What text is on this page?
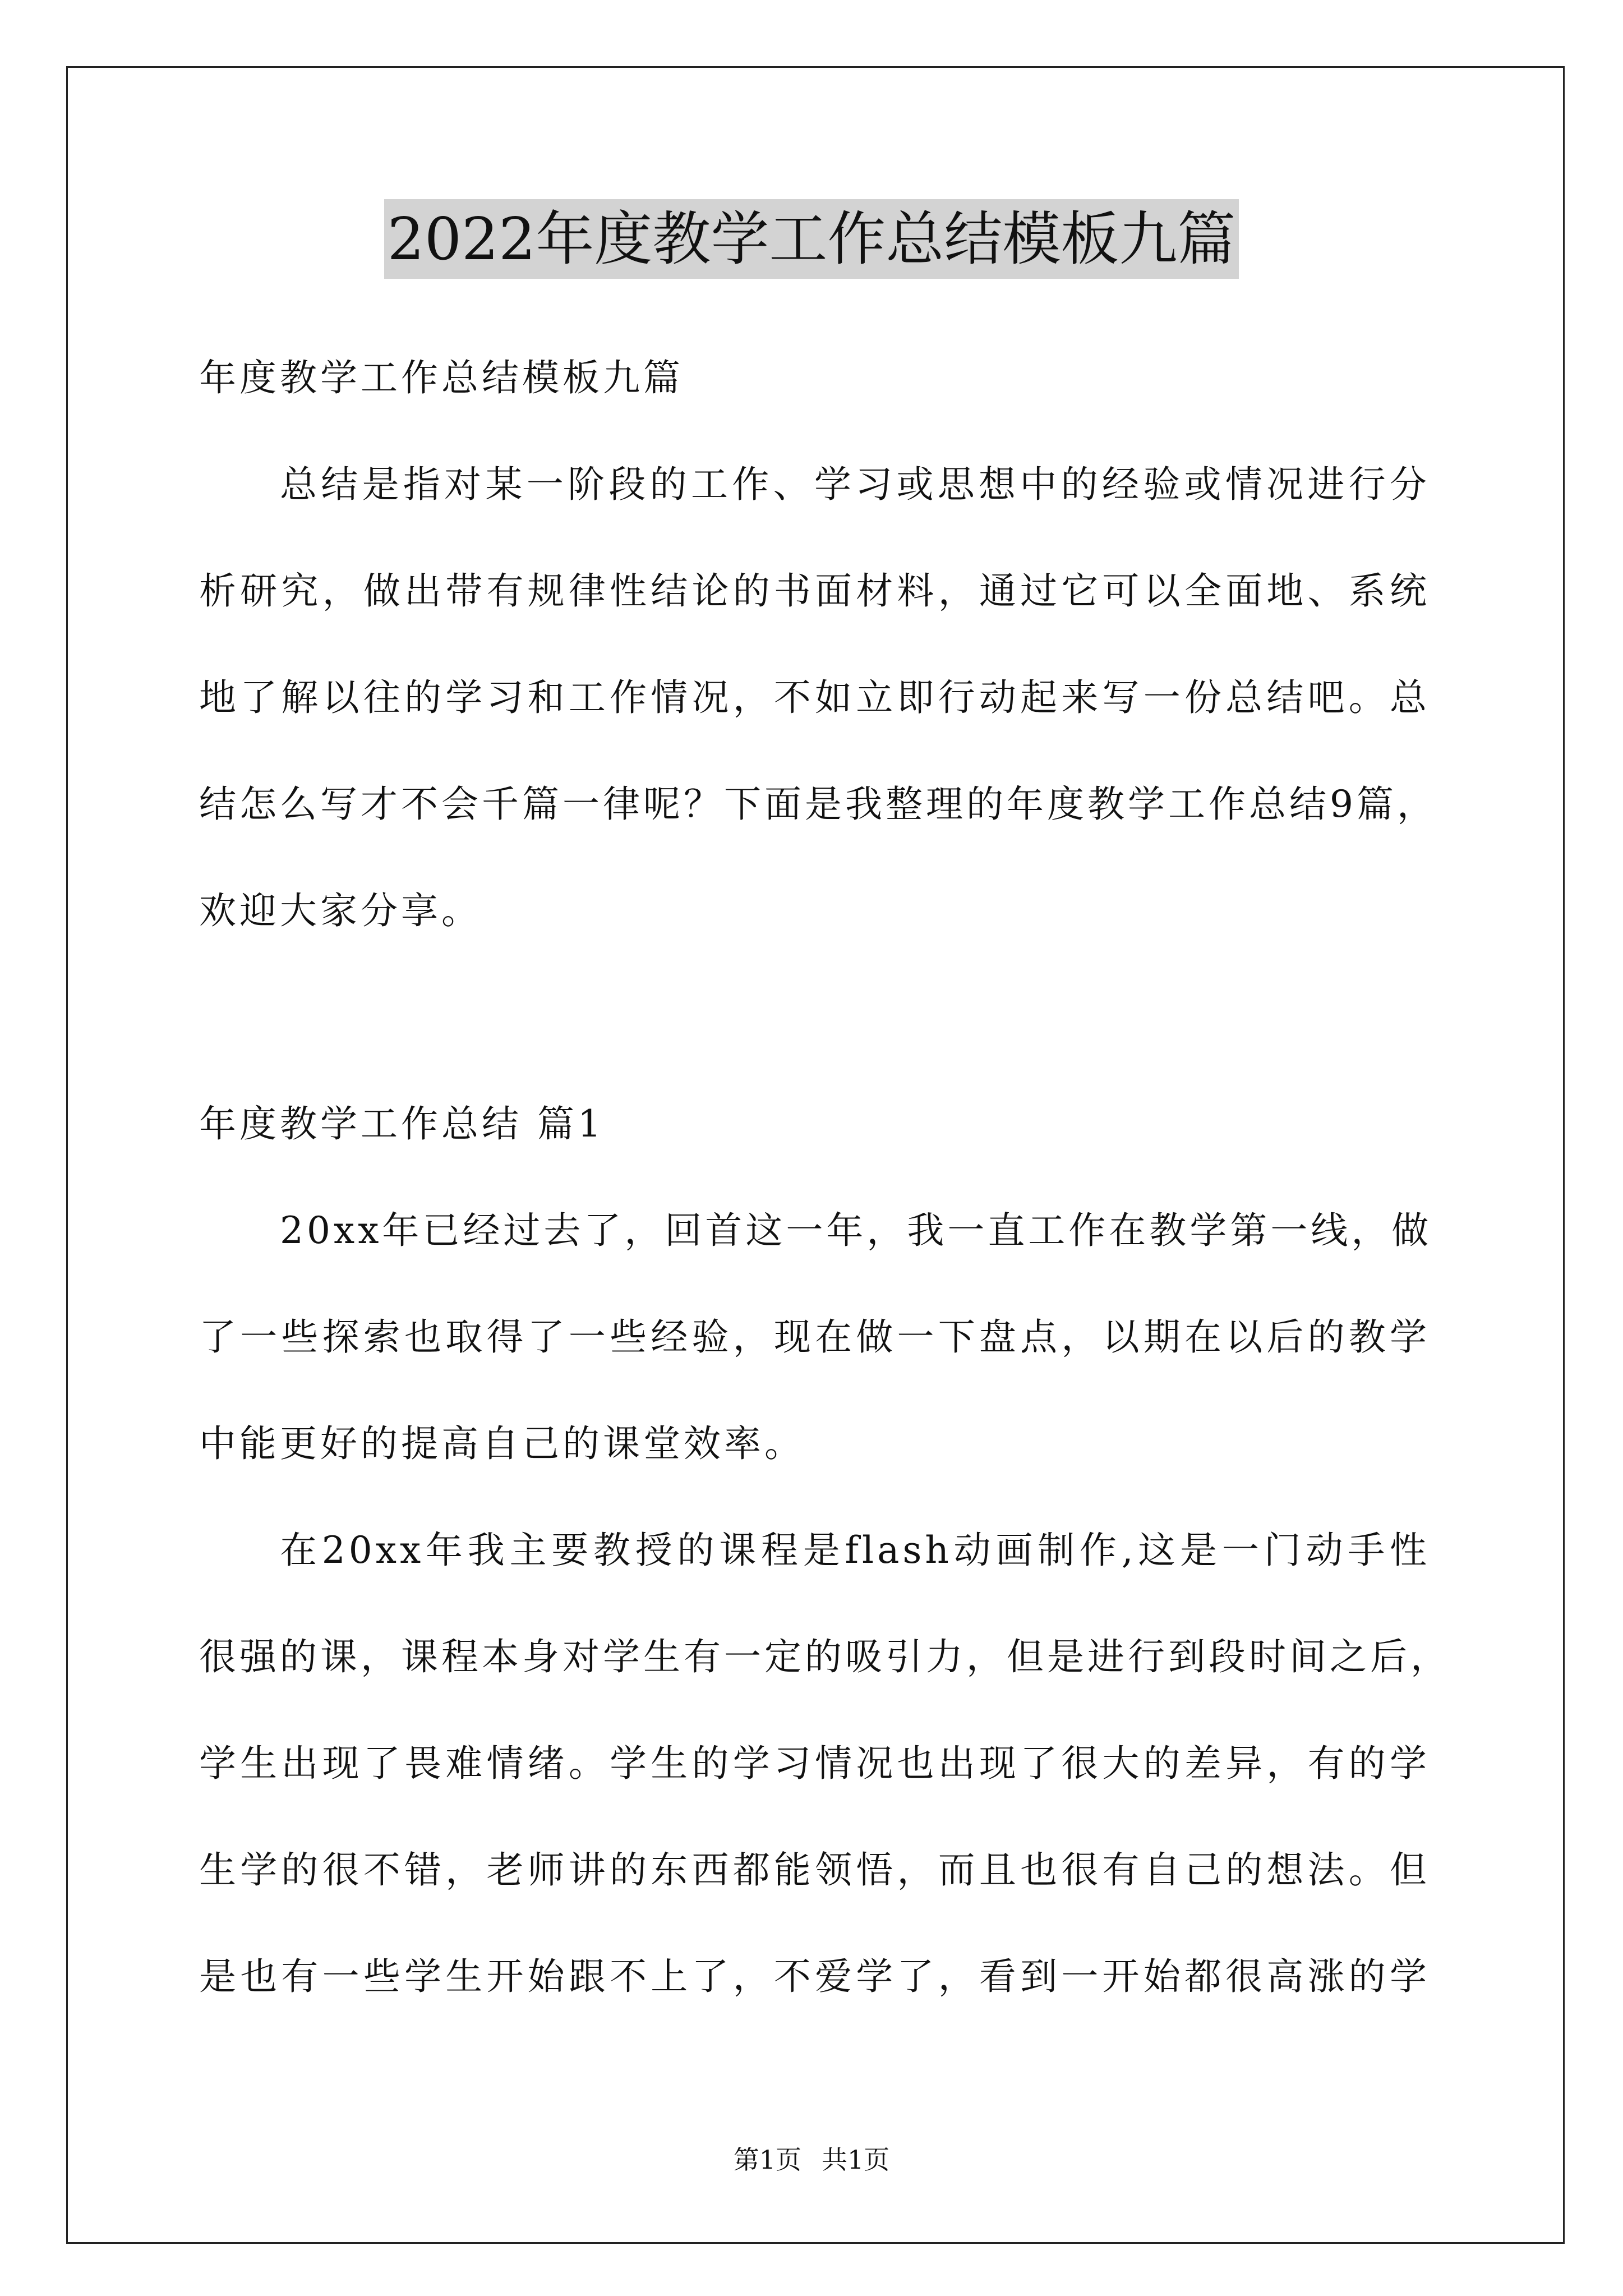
2022年度教学工作总结模板九篇
年度教学工作总结模板九篇
总结是指对某一阶段的工作、学习或思想中的经验或情况进行分
析研究，做出带有规律性结论的书面材料，通过它可以全面地、系统
地了解以往的学习和工作情况，不如立即行动起来写一份总结吧。总
结怎么写才不会千篇一律呢？下面是我整理的年度教学工作总结9篇，
欢迎大家分享。
年度教学工作总结 篇1
20xx年已经过去了，回首这一年，我一直工作在教学第一线，做
了一些探索也取得了一些经验，现在做一下盘点，以期在以后的教学
中能更好的提高自己的课堂效率。
在20xx年我主要教授的课程是flash动画制作,这是一门动手性
很强的课，课程本身对学生有一定的吸引力，但是进行到段时间之后，
学生出现了畏难情绪。学生的学习情况也出现了很大的差异，有的学
生学的很不错，老师讲的东西都能领悟，而且也很有自己的想法。但
是也有一些学生开始跟不上了，不爱学了，看到一开始都很高涨的学
第1页 共1页
